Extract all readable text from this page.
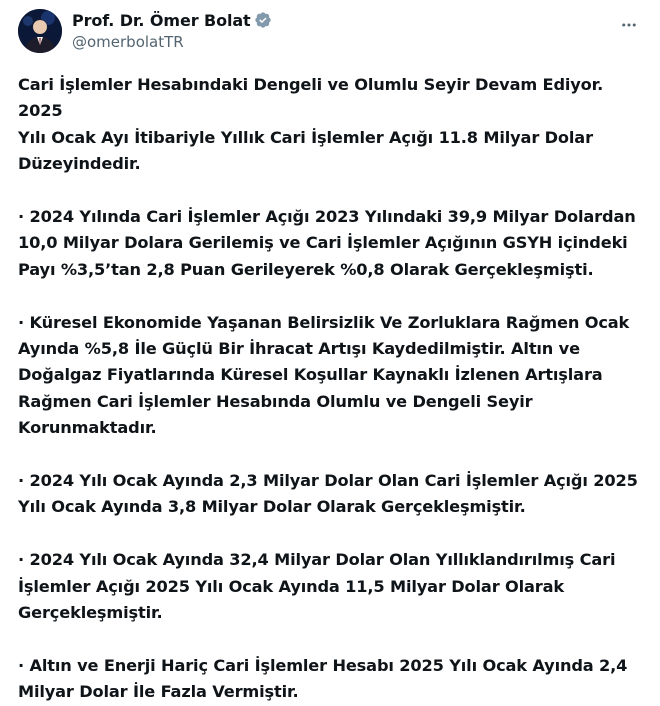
Prof. Dr. Ömer Bolat
@omerbolatTR

Cari İşlemler Hesabındaki Dengeli ve Olumlu Seyir Devam Ediyor. 2025
Yılı Ocak Ayı İtibariyle Yıllık Cari İşlemler Açığı 11.8 Milyar Dolar
Düzeyindedir.

· 2024 Yılında Cari İşlemler Açığı 2023 Yılındaki 39,9 Milyar Dolardan
10,0 Milyar Dolara Gerilemiş ve Cari İşlemler Açığının GSYH içindeki
Payı %3,5’tan 2,8 Puan Gerileyerek %0,8 Olarak Gerçekleşmişti.

· Küresel Ekonomide Yaşanan Belirsizlik Ve Zorluklara Rağmen Ocak
Ayında %5,8 İle Güçlü Bir İhracat Artışı Kaydedilmiştir. Altın ve
Doğalgaz Fiyatlarında Küresel Koşullar Kaynaklı İzlenen Artışlara
Rağmen Cari İşlemler Hesabında Olumlu ve Dengeli Seyir
Korunmaktadır.

· 2024 Yılı Ocak Ayında 2,3 Milyar Dolar Olan Cari İşlemler Açığı 2025
Yılı Ocak Ayında 3,8 Milyar Dolar Olarak Gerçekleşmiştir.

· 2024 Yılı Ocak Ayında 32,4 Milyar Dolar Olan Yıllıklandırılmış Cari
İşlemler Açığı 2025 Yılı Ocak Ayında 11,5 Milyar Dolar Olarak
Gerçekleşmiştir.

· Altın ve Enerji Hariç Cari İşlemler Hesabı 2025 Yılı Ocak Ayında 2,4
Milyar Dolar İle Fazla Vermiştir.
